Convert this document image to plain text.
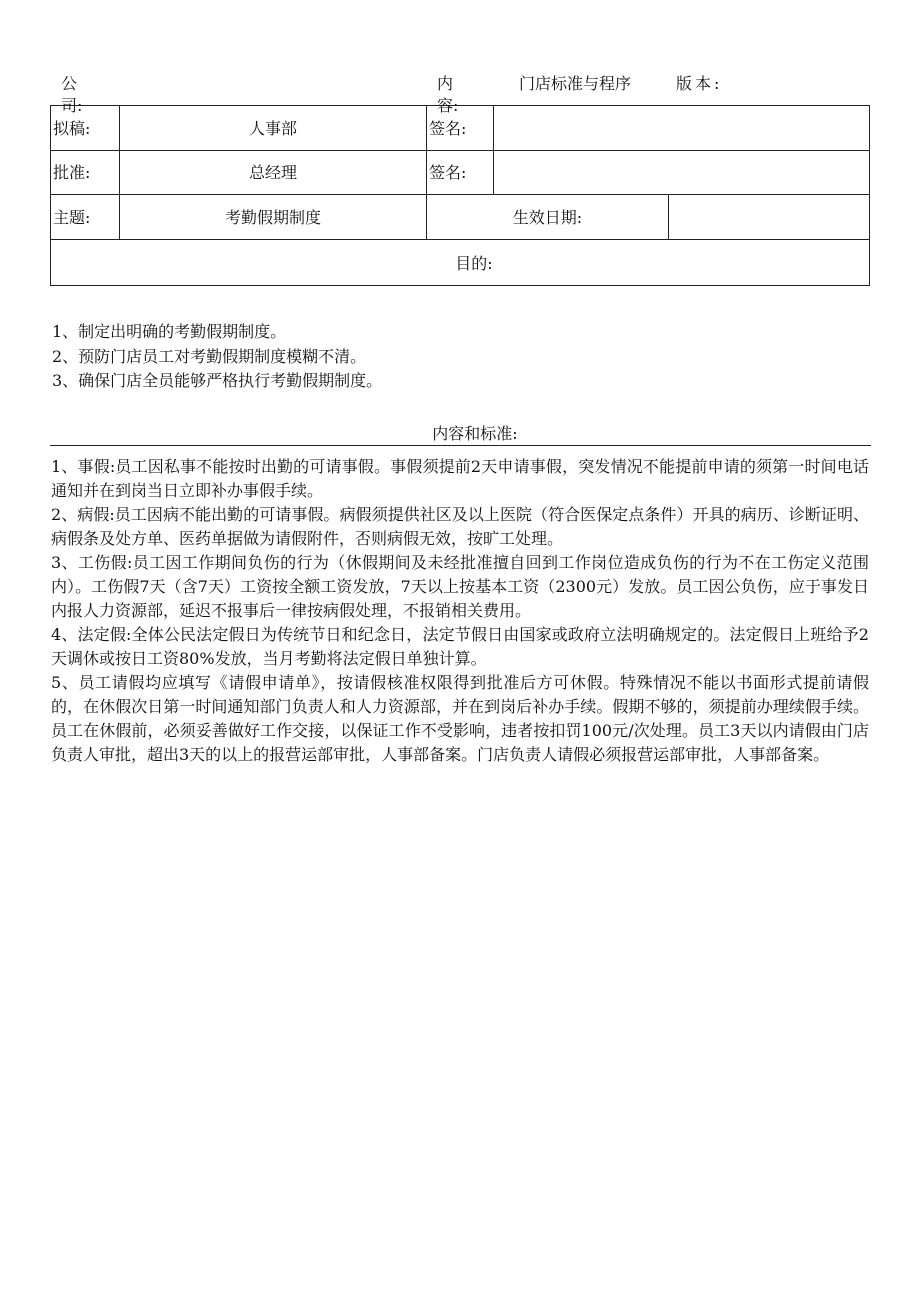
公
司:
内
容:
门店标准与程序	版本:
拟稿:	人事部	签名:
批准:	总经理	签名:
主题:	考勤假期制度	生效日期:
目的:

1、制定出明确的考勤假期制度。

2、预防门店员工对考勤假期制度模糊不清。

3、确保门店全员能够严格执行考勤假期制度。

内容和标准:

1、事假:员工因私事不能按时出勤的可请事假。事假须提前2天申请事假，突发情况不能提前申请的须第一时间电话通知并在到岗当日立即补办事假手续。

2、病假:员工因病不能出勤的可请事假。病假须提供社区及以上医院（符合医保定点条件）开具的病历、诊断证明、病假条及处方单、医药单据做为请假附件，否则病假无效，按旷工处理。

3、工伤假:员工因工作期间负伤的行为（休假期间及未经批准擅自回到工作岗位造成负伤的行为不在工伤定义范围内）。工伤假7天（含7天）工资按全额工资发放，7天以上按基本工资（2300元）发放。员工因公负伤，应于事发日内报人力资源部，延迟不报事后一律按病假处理，不报销相关费用。

4、法定假:全体公民法定假日为传统节日和纪念日，法定节假日由国家或政府立法明确规定的。法定假日上班给予2天调休或按日工资80%发放，当月考勤将法定假日单独计算。

5、员工请假均应填写《请假申请单》，按请假核准权限得到批准后方可休假。特殊情况不能以书面形式提前请假的，在休假次日第一时间通知部门负责人和人力资源部，并在到岗后补办手续。假期不够的，须提前办理续假手续。员工在休假前，必须妥善做好工作交接，以保证工作不受影响，违者按扣罚100元/次处理。员工3天以内请假由门店负责人审批，超出3天的以上的报营运部审批，人事部备案。门店负责人请假必须报营运部审批，人事部备案。
